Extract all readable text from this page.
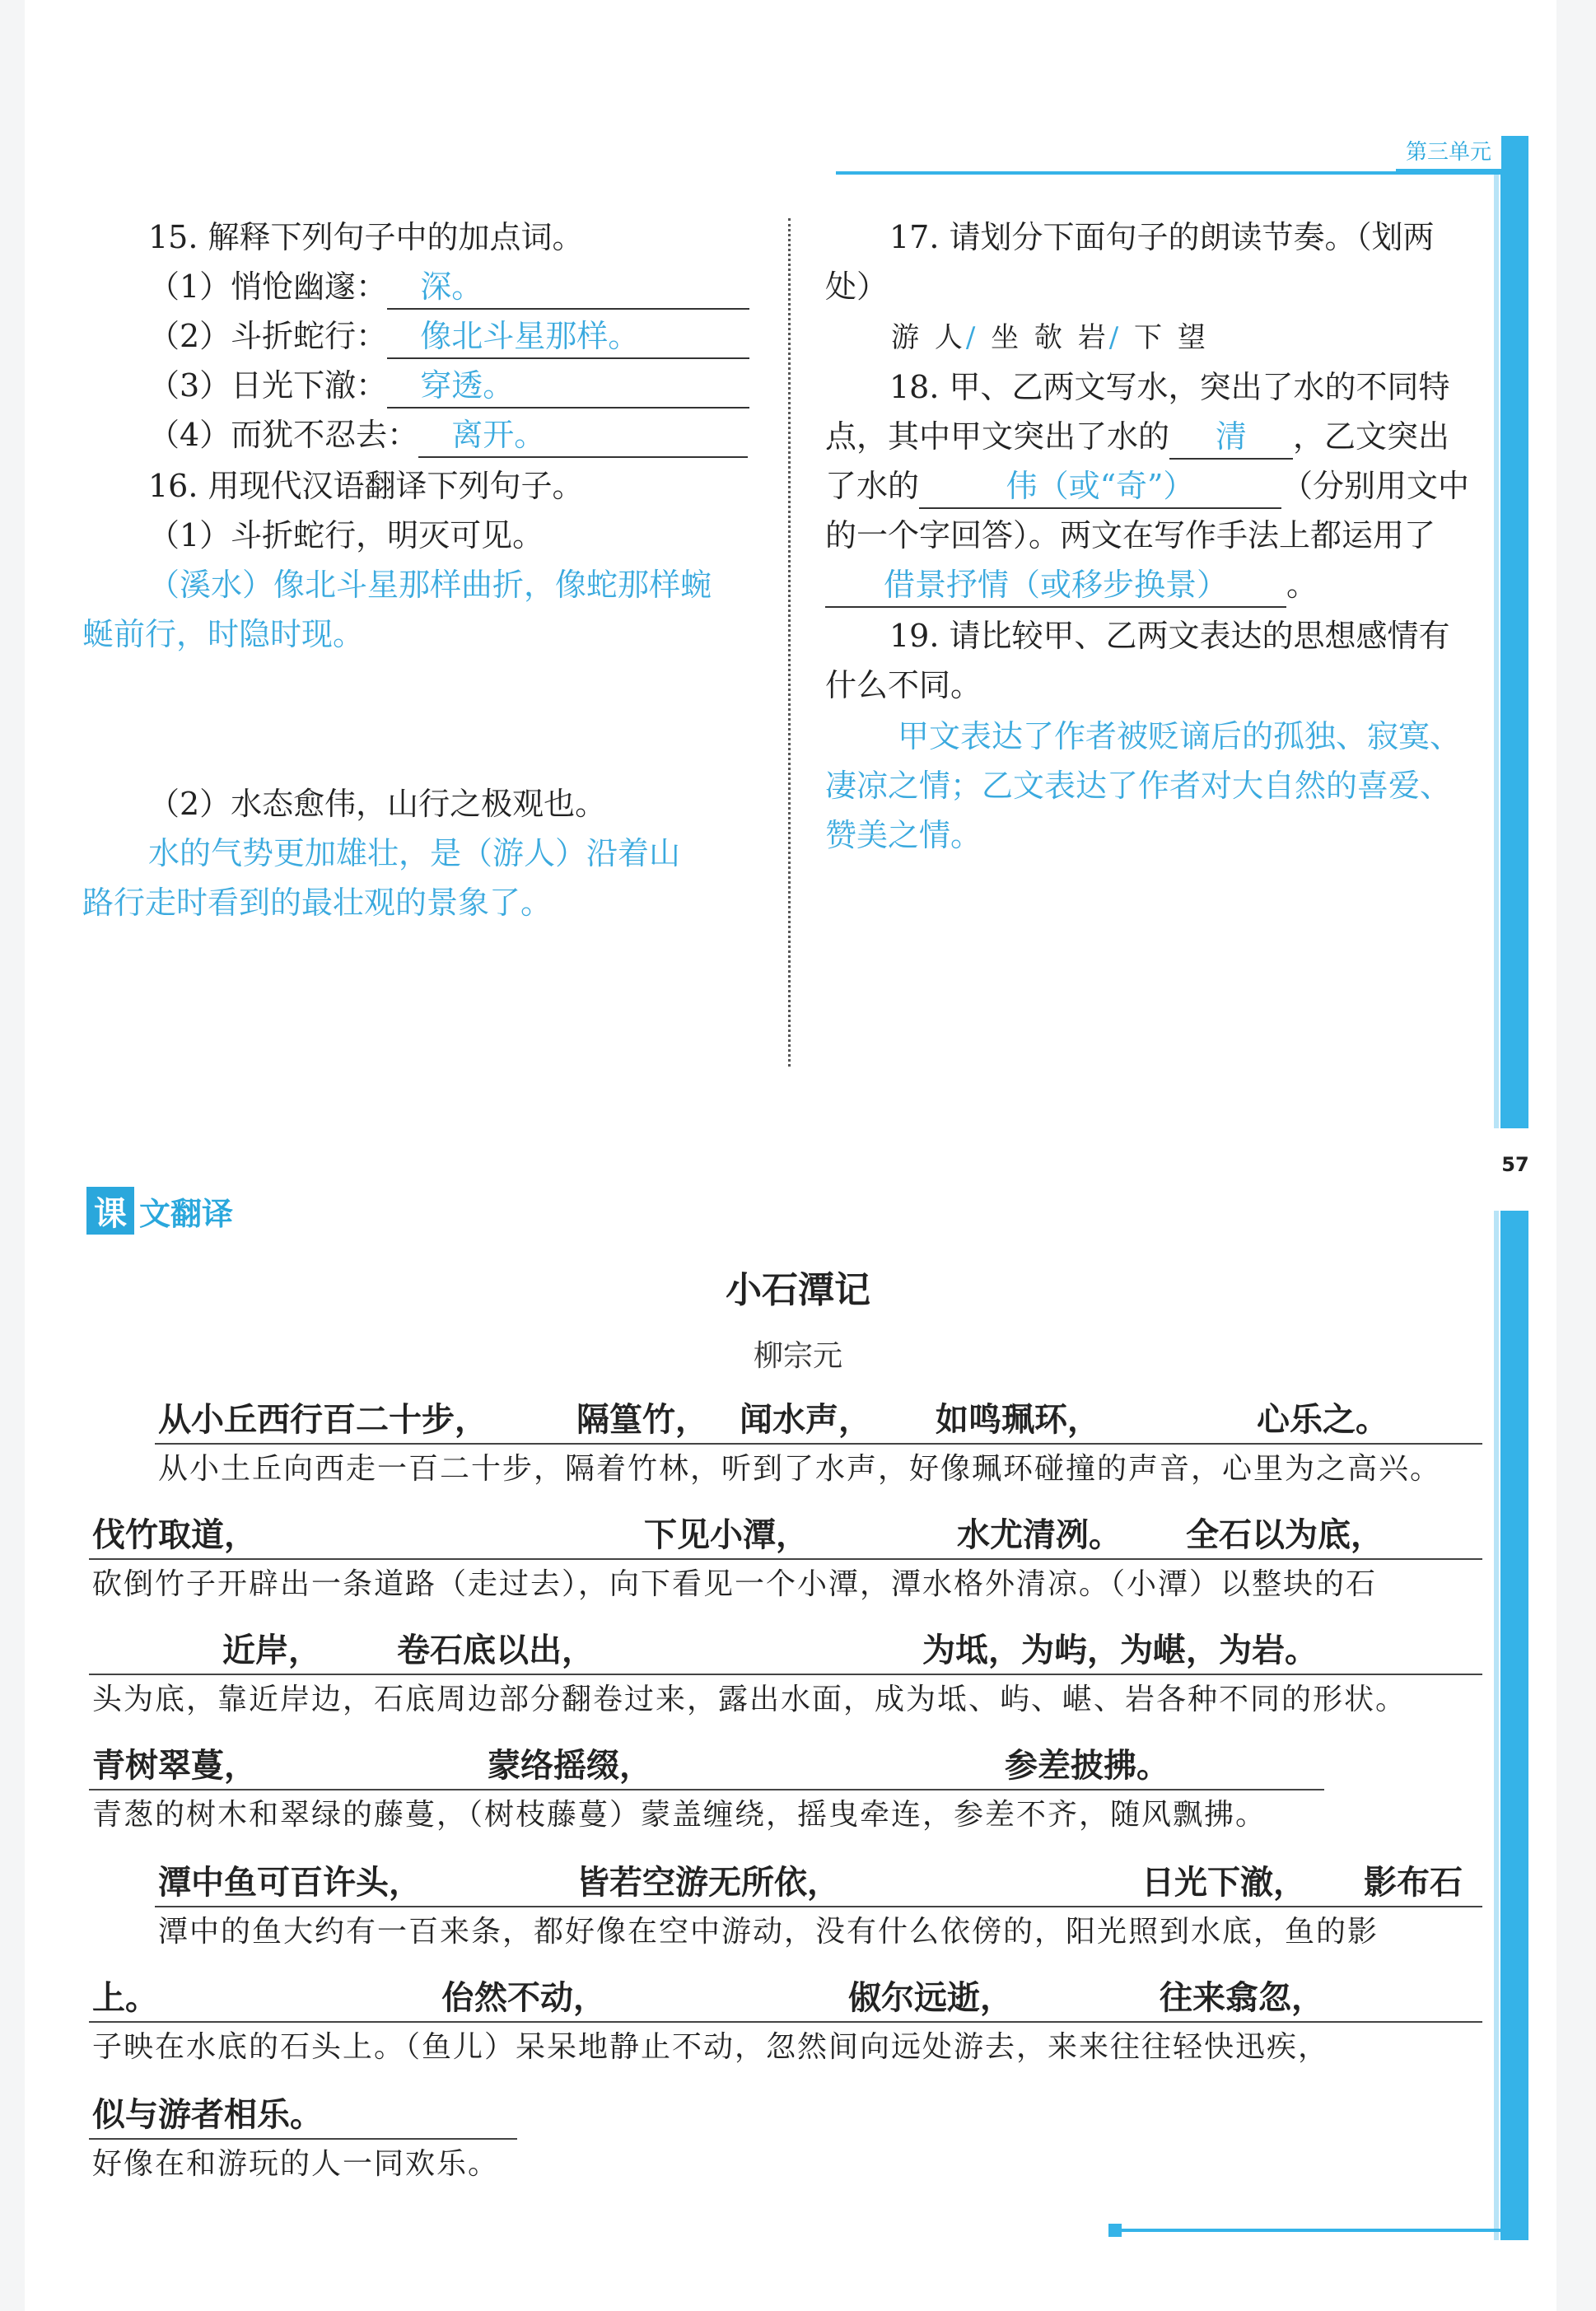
第三单元
57
15. 解释下列句子中的加点词。
（1）悄怆幽邃： 深。
（2）斗折蛇行： 像北斗星那样。
（3）日光下澈： 穿透。
（4）而犹不忍去： 离开。
16. 用现代汉语翻译下列句子。
（1）斗折蛇行，明灭可见。
（溪水）像北斗星那样曲折，像蛇那样蜿
蜒前行，时隐时现。
（2）水态愈伟，山行之极观也。
水的气势更加雄壮，是（游人）沿着山
路行走时看到的最壮观的景象了。
17. 请划分下面句子的朗读节奏。（划两
处）
游 人/ 坐 欹 岩/ 下 望
18. 甲、乙两文写水，突出了水的不同特
点，其中甲文突出了水的 清 ，乙文突出
了水的	伟（或“奇”）	（分别用文中
的一个字回答）。两文在写作手法上都运用了
借景抒情（或移步换景） 。
19. 请比较甲、乙两文表达的思想感情有
什么不同。
甲文表达了作者被贬谪后的孤独、寂寞、
凄凉之情；乙文表达了作者对大自然的喜爱、
赞美之情。
课 文翻译
小石潭记
柳宗元
从小丘西行百二十步，	隔篁竹， 闻水声， 如鸣珮环，	心乐之。
从小土丘向西走一百二十步，隔着竹林，听到了水声，好像珮环碰撞的声音，心里为之高兴。
伐竹取道，	下见小潭，	水尤清冽。 全石以为底，
砍倒竹子开辟出一条道路（走过去），向下看见一个小潭，潭水格外清凉。（小潭）以整块的石
近岸， 卷石底以出，	为坻，为屿，为嵁，为岩。
头为底，靠近岸边，石底周边部分翻卷过来，露出水面，成为坻、屿、嵁、岩各种不同的形状。
青树翠蔓，	蒙络摇缀，	参差披拂。
青葱的树木和翠绿的藤蔓，（树枝藤蔓）蒙盖缠绕，摇曳牵连，参差不齐，随风飘拂。
潭中鱼可百许头，	皆若空游无所依，	日光下澈， 影布石
潭中的鱼大约有一百来条，都好像在空中游动，没有什么依傍的，阳光照到水底，鱼的影
上。	佁然不动，	俶尔远逝，	往来翕忽，
子映在水底的石头上。（鱼儿）呆呆地静止不动，忽然间向远处游去，来来往往轻快迅疾，
似与游者相乐。
好像在和游玩的人一同欢乐。
